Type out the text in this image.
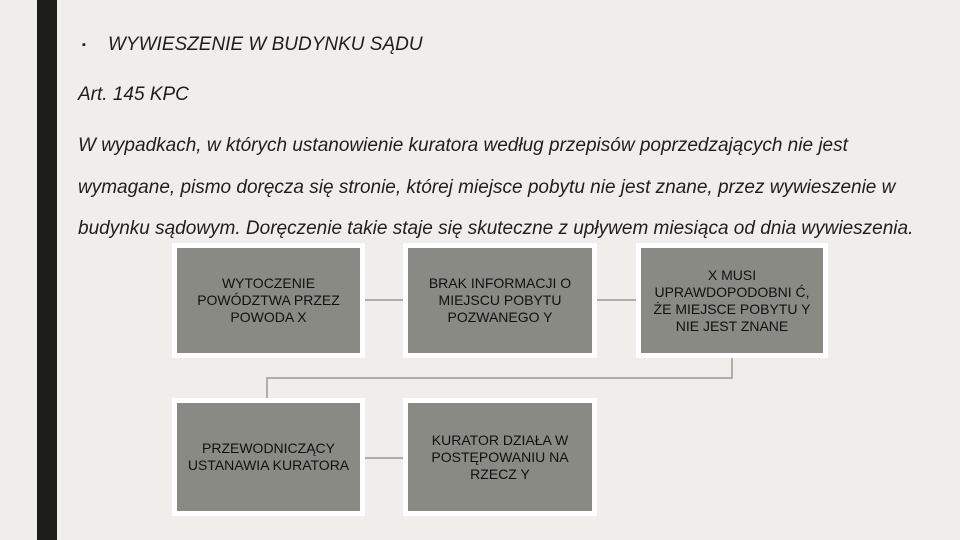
▪	WYWIESZENIE W BUDYNKU SĄDU
Art. 145 KPC
W wypadkach, w których ustanowienie kuratora według przepisów poprzedzających nie jest wymagane, pismo doręcza się stronie, której miejsce pobytu nie jest znane, przez wywieszenie w budynku sądowym. Doręczenie takie staje się skuteczne z upływem miesiąca od dnia wywieszenia.
WYTOCZENIE POWÓDZTWA PRZEZ POWODA X
BRAK INFORMACJI O MIEJSCU POBYTU POZWANEGO Y
X MUSI UPRAWDOPODOBNI Ć, ŻE MIEJSCE POBYTU Y NIE JEST ZNANE
PRZEWODNICZĄCY USTANAWIA KURATORA
KURATOR DZIAŁA W POSTĘPOWANIU NA RZECZ Y
